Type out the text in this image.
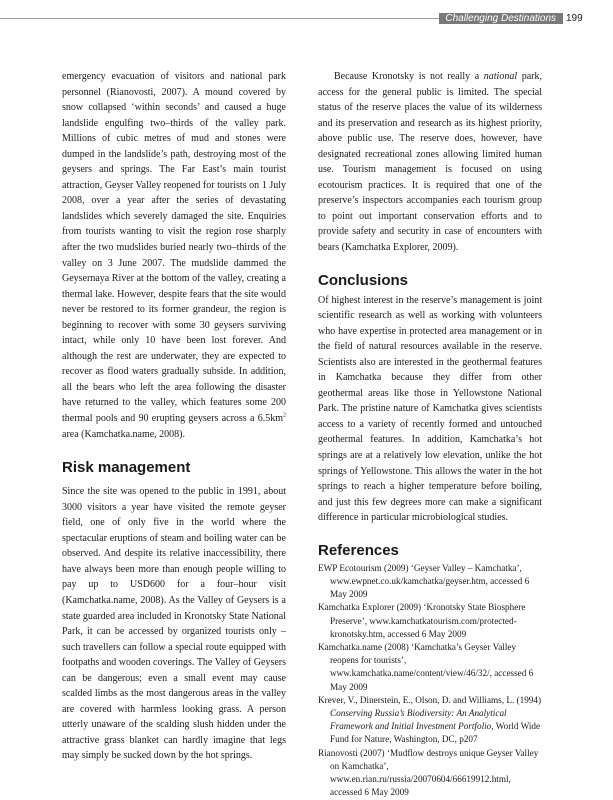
Challenging Destinations	199

emergency evacuation of visitors and national park personnel (Rianovosti, 2007). A mound covered by snow collapsed ‘within seconds’ and caused a huge landslide engulfing two–thirds of the valley park. Millions of cubic metres of mud and stones were dumped in the landslide’s path, destroying most of the geysers and springs. The Far East’s main tourist attraction, Geyser Valley reopened for tourists on 1 July 2008, over a year after the series of devastating landslides which severely damaged the site. Enquiries from tourists wanting to visit the region rose sharply after the two mudslides buried nearly two–thirds of the valley on 3 June 2007. The mudslide dammed the Geysernaya River at the bottom of the valley, creating a thermal lake. However, despite fears that the site would never be restored to its former grandeur, the region is beginning to recover with some 30 geysers surviving intact, while only 10 have been lost forever. And although the rest are underwater, they are expected to recover as flood waters gradually subside. In addition, all the bears who left the area following the disaster have returned to the valley, which features some 200 thermal pools and 90 erupting geysers across a $6.5km^2$ area (Kamchatka.name, 2008).

Risk management

Since the site was opened to the public in 1991, about 3000 visitors a year have visited the remote geyser field, one of only five in the world where the spectacular eruptions of steam and boiling water can be observed. And despite its relative inaccessibility, there have always been more than enough people willing to pay up to USD600 for a four–hour visit (Kamchatka.name, 2008). As the Valley of Geysers is a state guarded area included in Kronotsky State National Park, it can be accessed by organized tourists only – such travellers can follow a special route equipped with footpaths and wooden coverings. The Valley of Geysers can be dangerous; even a small event may cause scalded limbs as the most dangerous areas in the valley are covered with harmless looking grass. A person utterly unaware of the scalding slush hidden under the attractive grass blanket can hardly imagine that legs may simply be sucked down by the hot springs.

Because Kronotsky is not really a national park, access for the general public is limited. The special status of the reserve places the value of its wilderness and its preservation and research as its highest priority, above public use. The reserve does, however, have designated recreational zones allowing limited human use. Tourism management is focused on using ecotourism practices. It is required that one of the preserve’s inspectors accompanies each tourism group to point out important conservation efforts and to provide safety and security in case of encounters with bears (Kamchatka Explorer, 2009).

Conclusions

Of highest interest in the reserve’s management is joint scientific research as well as working with volunteers who have expertise in protected area management or in the field of natural resources available in the reserve. Scientists also are interested in the geothermal features in Kamchatka because they differ from other geothermal areas like those in Yellowstone National Park. The pristine nature of Kamchatka gives scientists access to a variety of recently formed and untouched geothermal features. In addition, Kamchatka’s hot springs are at a relatively low elevation, unlike the hot springs of Yellowstone. This allows the water in the hot springs to reach a higher temperature before boiling, and just this few degrees more can make a significant difference in particular microbiological studies.

References
EWP Ecotourism (2009) ‘Geyser Valley – Kamchatka’, www.ewpnet.co.uk/kamchatka/geyser.htm, accessed 6 May 2009
Kamchatka Explorer (2009) ‘Kronotsky State Biosphere Preserve’, www.kamchatkatourism.com/protected-kronotsky.htm, accessed 6 May 2009
Kamchatka.name (2008) ‘Kamchatka’s Geyser Valley reopens for tourists’, www.kamchatka.name/content/view/46/32/, accessed 6 May 2009
Krever, V., Dinerstein, E., Olson, D. and Williams, L. (1994) Conserving Russia’s Biodiversity: An Analytical Framework and Initial Investment Portfolio, World Wide Fund for Nature, Washington, DC, p207
Rianovosti (2007) ‘Mudflow destroys unique Geyser Valley on Kamchatka’, www.en.rian.ru/russia/20070604/66619912.html, accessed 6 May 2009
